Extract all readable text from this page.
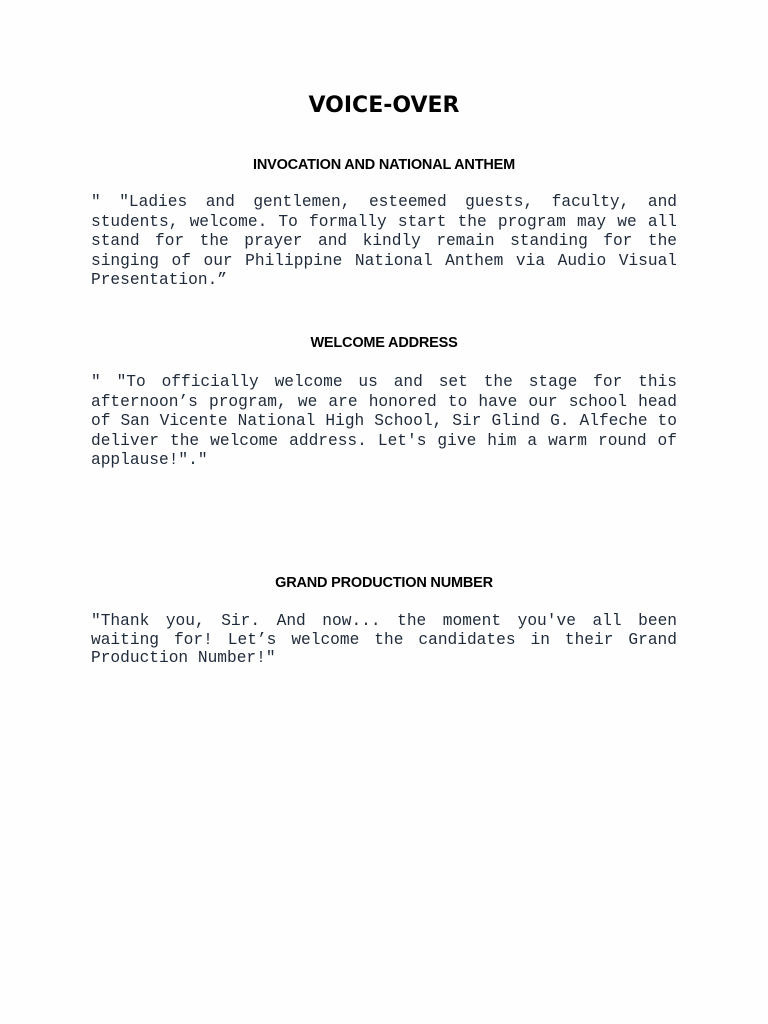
VOICE-OVER
INVOCATION AND NATIONAL ANTHEM

" "Ladies and gentlemen, esteemed guests, faculty, and students, welcome. To formally start the program may we all stand for the prayer and kindly remain standing for the singing of our Philippine National Anthem via Audio Visual Presentation.”

WELCOME ADDRESS

" "To officially welcome us and set the stage for this afternoon’s program, we are honored to have our school head of San Vicente National High School, Sir Glind G. Alfeche to deliver the welcome address. Let's give him a warm round of applause!"."

GRAND PRODUCTION NUMBER

"Thank you, Sir. And now... the moment you've all been waiting for! Let’s welcome the candidates in their Grand Production Number!"
